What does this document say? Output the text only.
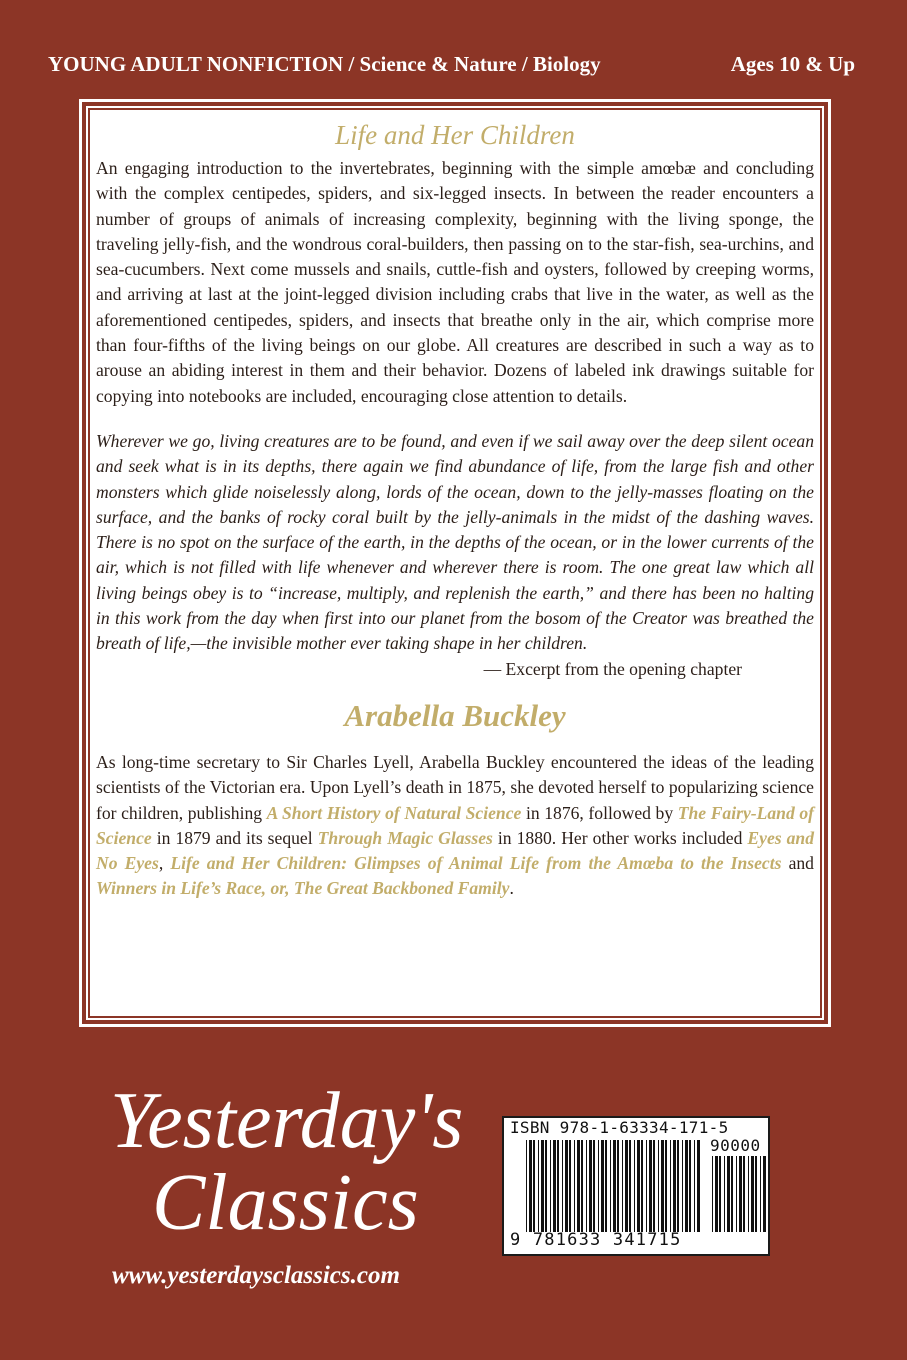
YOUNG ADULT NONFICTION / Science & Nature / Biology	Ages 10 & Up
Life and Her Children

An engaging introduction to the invertebrates, beginning with the simple amœbæ and concluding with the complex centipedes, spiders, and six-legged insects. In between the reader encounters a number of groups of animals of increasing complexity, beginning with the living sponge, the traveling jelly-fish, and the wondrous coral-builders, then passing on to the star-fish, sea-urchins, and sea-cucumbers. Next come mussels and snails, cuttle-fish and oysters, followed by creeping worms, and arriving at last at the joint-legged division including crabs that live in the water, as well as the aforementioned centipedes, spiders, and insects that breathe only in the air, which comprise more than four-fifths of the living beings on our globe. All creatures are described in such a way as to arouse an abiding interest in them and their behavior. Dozens of labeled ink drawings suitable for copying into notebooks are included, encouraging close attention to details.

Wherever we go, living creatures are to be found, and even if we sail away over the deep silent ocean and seek what is in its depths, there again we find abundance of life, from the large fish and other monsters which glide noiselessly along, lords of the ocean, down to the jelly-masses floating on the surface, and the banks of rocky coral built by the jelly-animals in the midst of the dashing waves. There is no spot on the surface of the earth, in the depths of the ocean, or in the lower currents of the air, which is not filled with life whenever and wherever there is room. The one great law which all living beings obey is to “increase, multiply, and replenish the earth,” and there has been no halting in this work from the day when first into our planet from the bosom of the Creator was breathed the breath of life,—the invisible mother ever taking shape in her children.

— Excerpt from the opening chapter

Arabella Buckley

As long-time secretary to Sir Charles Lyell, Arabella Buckley encountered the ideas of the leading scientists of the Victorian era. Upon Lyell’s death in 1875, she devoted herself to popularizing science for children, publishing A Short History of Natural Science in 1876, followed by The Fairy-Land of Science in 1879 and its sequel Through Magic Glasses in 1880. Her other works included Eyes and No Eyes, Life and Her Children: Glimpses of Animal Life from the Amœba to the Insects and Winners in Life’s Race, or, The Great Backboned Family.

Yesterday's
Classics
www.yesterdaysclassics.com
ISBN 978-1-63334-171-5
90000
9 781633 341715
